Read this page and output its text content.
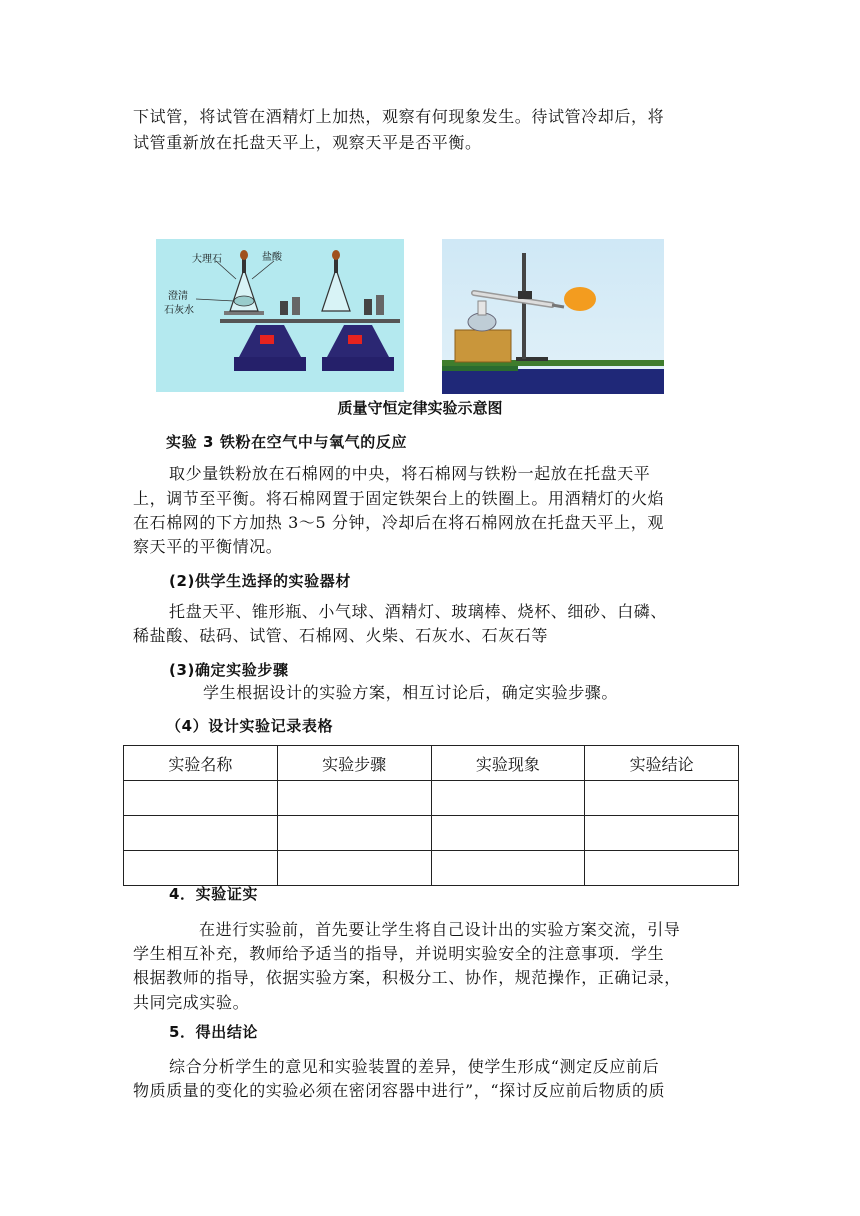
下试管，将试管在酒精灯上加热，观察有何现象发生。待试管冷却后，将
试管重新放在托盘天平上，观察天平是否平衡。
大理石	盐酸
澄清
石灰水
质量守恒定律实验示意图
实验 3 铁粉在空气中与氧气的反应
取少量铁粉放在石棉网的中央，将石棉网与铁粉一起放在托盘天平
上，调节至平衡。将石棉网置于固定铁架台上的铁圈上。用酒精灯的火焰
在石棉网的下方加热 3～5 分钟，冷却后在将石棉网放在托盘天平上，观
察天平的平衡情况。
(2)供学生选择的实验器材
托盘天平、锥形瓶、小气球、酒精灯、玻璃棒、烧杯、细砂、白磷、
稀盐酸、砝码、试管、石棉网、火柴、石灰水、石灰石等
(3)确定实验步骤
学生根据设计的实验方案，相互讨论后，确定实验步骤。
（4）设计实验记录表格
实验名称	实验步骤	实验现象	实验结论

4．实验证实
在进行实验前，首先要让学生将自己设计出的实验方案交流，引导
学生相互补充，教师给予适当的指导，并说明实验安全的注意事项．学生
根据教师的指导，依据实验方案，积极分工、协作，规范操作，正确记录，
共同完成实验。
5．得出结论
综合分析学生的意见和实验装置的差异，使学生形成“测定反应前后
物质质量的变化的实验必须在密闭容器中进行”，“探讨反应前后物质的质
